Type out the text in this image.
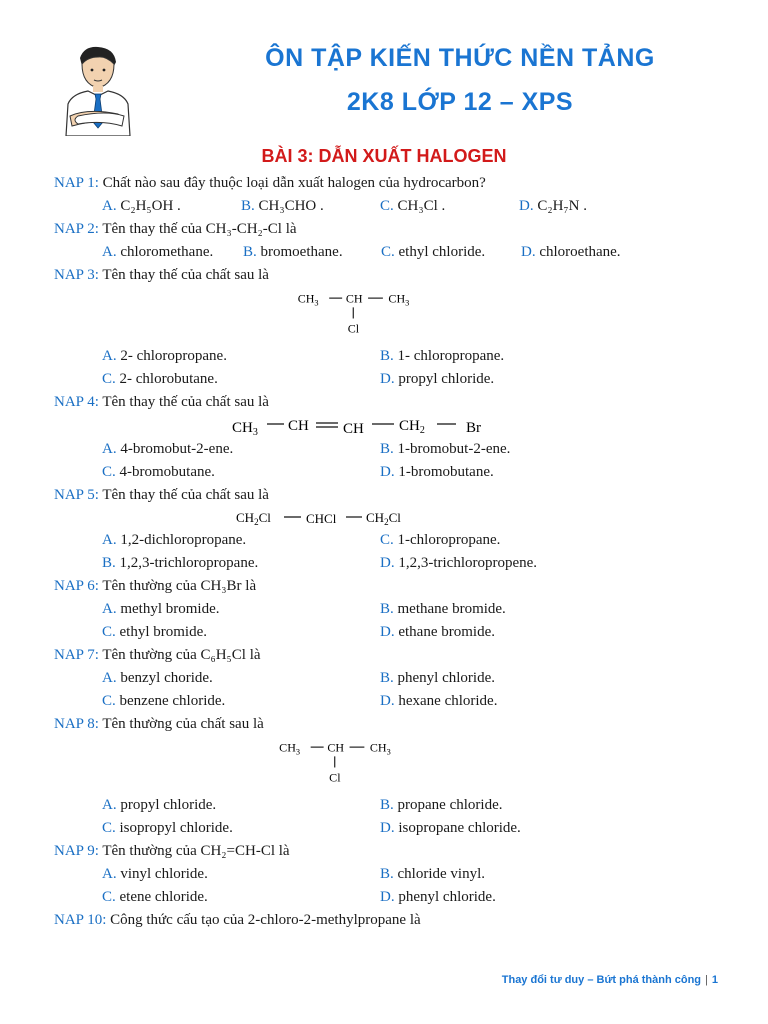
ÔN TẬP KIẾN THỨC NỀN TẢNG
2K8 LỚP 12 – XPS
BÀI 3: DẪN XUẤT HALOGEN
NAP 1: Chất nào sau đây thuộc loại dẫn xuất halogen của hydrocarbon?
A. C₂H₅OH .	B. CH₃CHO .	C. CH₃Cl .	D. C₂H₇N .
NAP 2: Tên thay thế của CH₃-CH₂-Cl là
A. chloromethane.	B. bromoethane.	C. ethyl chloride.	D. chloroethane.
NAP 3: Tên thay thế của chất sau là
$CH_3$ CH $CH_3$
Cl
A. 2- chloropropane.	B. 1- chloropropane.
C. 2- chlorobutane.	D. propyl chloride.
NAP 4: Tên thay thế của chất sau là
$CH_3$ CH CH $CH_2$	Br
A. 4-bromobut-2-ene.	B. 1-bromobut-2-ene.
C. 4-bromobutane.	D. 1-bromobutane.
NAP 5: Tên thay thế của chất sau là
$CH_2Cl$	CHCl $CH_2Cl$
A. 1,2-dichloropropane.	C. 1-chloropropane.
B. 1,2,3-trichloropropane.	D. 1,2,3-trichloropropene.
NAP 6: Tên thường của CH₃Br là
A. methyl bromide.	B. methane bromide.
C. ethyl bromide.	D. ethane bromide.
NAP 7: Tên thường của C₆H₅Cl là
A. benzyl choride.	B. phenyl chloride.
C. benzene chloride.	D. hexane chloride.
NAP 8: Tên thường của chất sau là
$CH_3$ CH $CH_3$
Cl
A. propyl chloride.	B. propane chloride.
C. isopropyl chloride.	D. isopropane chloride.
NAP 9: Tên thường của CH₂=CH-Cl là
A. vinyl chloride.	B. chloride vinyl.
C. etene chloride.	D. phenyl chloride.
NAP 10: Công thức cấu tạo của 2-chloro-2-methylpropane là
Thay đổi tư duy – Bứt phá thành công | 1
